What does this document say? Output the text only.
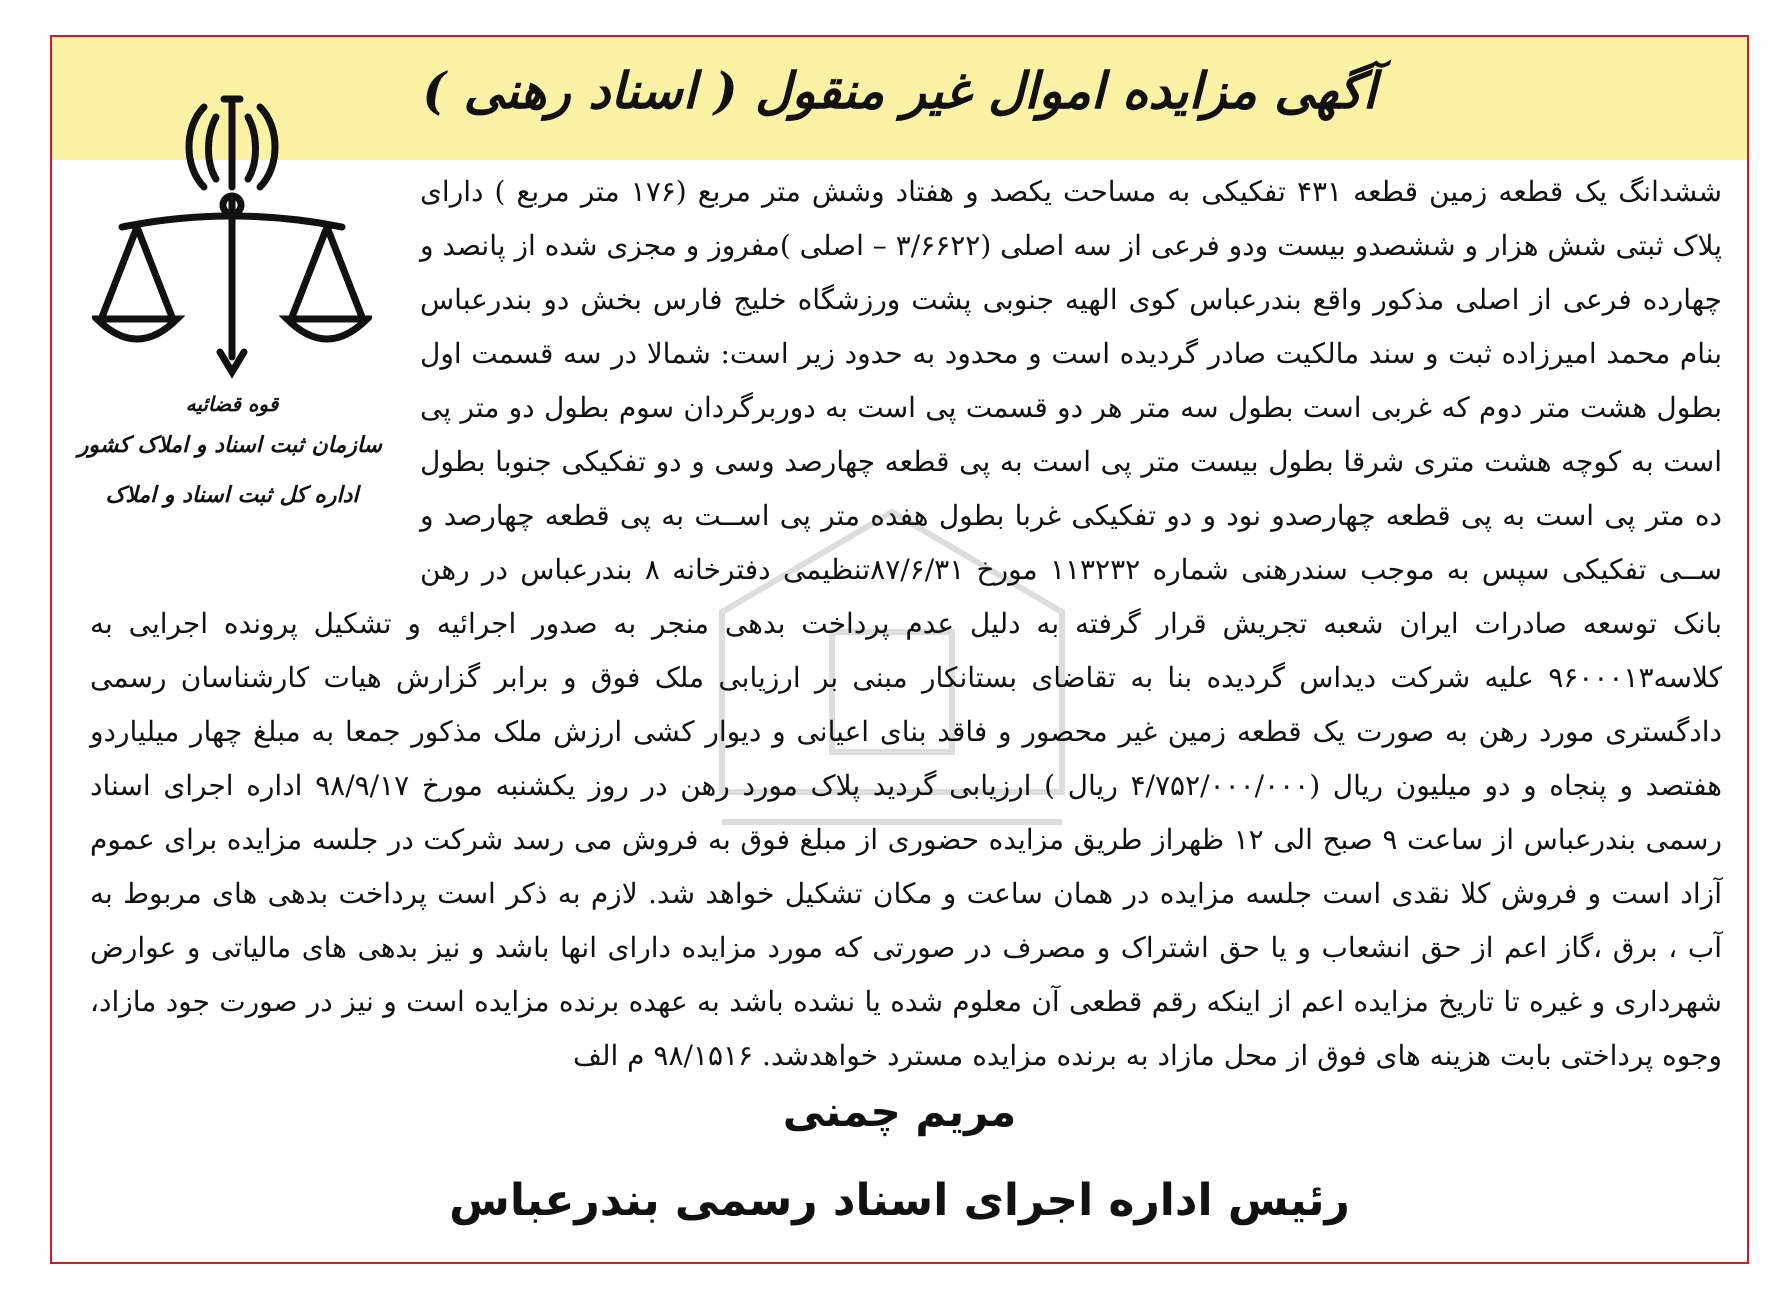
آگهی مزایده اموال غیر منقول ( اسناد رهنی )
قوه قضائیه
سازمان ثبت اسناد و املاک کشور
اداره کل ثبت اسناد و املاک
ششدانگ یک قطعه زمین قطعه ۴۳۱ تفکیکی به مساحت یکصد و هفتاد وشش متر مربع (۱۷۶ متر مربع ) دارای پلاک ثبتی شش هزار و ششصدو بیست ودو فرعی از سه اصلی (۳/۶۶۲۲ – اصلی )مفروز و مجزی شده از پانصد و چهارده فرعی از اصلی مذکور واقع بندرعباس کوی الهیه جنوبی پشت ورزشگاه خلیج فارس بخش دو بندرعباس بنام محمد امیرزاده ثبت و سند مالکیت صادر گردیده است و محدود به حدود زیر است: شمالا در سه قسمت اول بطول هشت متر دوم که غربی است بطول سه متر هر دو قسمت پی است به دوربرگردان سوم بطول دو متر پی است به کوچه هشت متری شرقا بطول بیست متر پی است به پی قطعه چهارصد وسی و دو تفکیکی جنوبا بطول ده متر پی است به پی قطعه چهارصدو نود و دو تفکیکی غربا بطول هفده متر پی اســت به پی قطعه چهارصد و ســی تفکیکی سپس به موجب سندرهنی شماره ۱۱۳۲۳۲ مورخ ۸۷/۶/۳۱تنظیمی دفترخانه ۸ بندرعباس در رهن بانک توسعه صادرات ایران شعبه تجریش قرار گرفته به دلیل عدم پرداخت بدهی منجر به صدور اجرائیه و تشکیل پرونده اجرایی به کلاسه۹۶۰۰۰۱۳ علیه شرکت دیداس گردیده بنا به تقاضای بستانکار مبنی بر ارزیابی ملک فوق و برابر گزارش هیات کارشناسان رسمی دادگستری مورد رهن به صورت یک قطعه زمین غیر محصور و فاقد بنای اعیانی و دیوار کشی ارزش ملک مذکور جمعا به مبلغ چهار میلیاردو هفتصد و پنجاه و دو میلیون ریال (۴/۷۵۲/۰۰۰/۰۰۰ ریال ) ارزیابی گردید پلاک مورد رهن در روز یکشنبه مورخ ۹۸/۹/۱۷ اداره اجرای اسناد رسمی بندرعباس از ساعت ۹ صبح الی ۱۲ ظهراز طریق مزایده حضوری از مبلغ فوق به فروش می رسد شرکت در جلسه مزایده برای عموم آزاد است و فروش کلا نقدی است جلسه مزایده در همان ساعت و مکان تشکیل خواهد شد. لازم به ذکر است پرداخت بدهی های مربوط به آب ، برق ،گاز اعم از حق انشعاب و یا حق اشتراک و مصرف در صورتی که مورد مزایده دارای انها باشد و نیز بدهی های مالیاتی و عوارض شهرداری و غیره تا تاریخ مزایده اعم از اینکه رقم قطعی آن معلوم شده یا نشده باشد به عهده برنده مزایده است و نیز در صورت جود مازاد، وجوه پرداختی بابت هزینه های فوق از محل مازاد به برنده مزایده مسترد خواهدشد. ۹۸/۱۵۱۶ م الف
مریم چمنی
رئیس اداره اجرای اسناد رسمی بندرعباس
